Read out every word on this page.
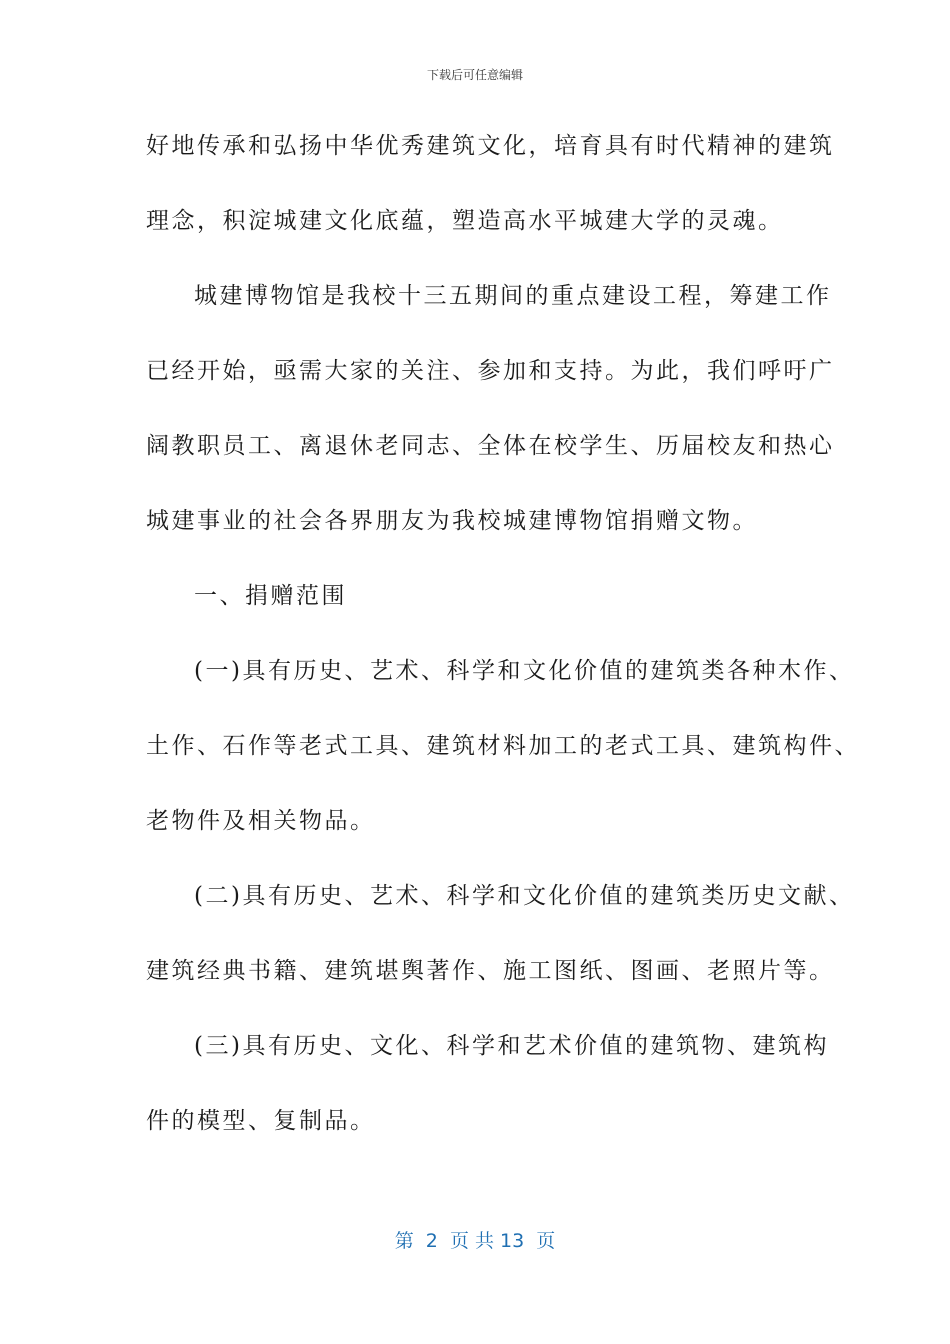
下载后可任意编辑
好地传承和弘扬中华优秀建筑文化，培育具有时代精神的建筑
理念，积淀城建文化底蕴，塑造高水平城建大学的灵魂。
城建博物馆是我校十三五期间的重点建设工程，筹建工作
已经开始，亟需大家的关注、参加和支持。为此，我们呼吁广
阔教职员工、离退休老同志、全体在校学生、历届校友和热心
城建事业的社会各界朋友为我校城建博物馆捐赠文物。
一、捐赠范围
(一)具有历史、艺术、科学和文化价值的建筑类各种木作、
土作、石作等老式工具、建筑材料加工的老式工具、建筑构件、
老物件及相关物品。
(二)具有历史、艺术、科学和文化价值的建筑类历史文献、
建筑经典书籍、建筑堪舆著作、施工图纸、图画、老照片等。
(三)具有历史、文化、科学和艺术价值的建筑物、建筑构
件的模型、复制品。
第  2  页 共 13  页
